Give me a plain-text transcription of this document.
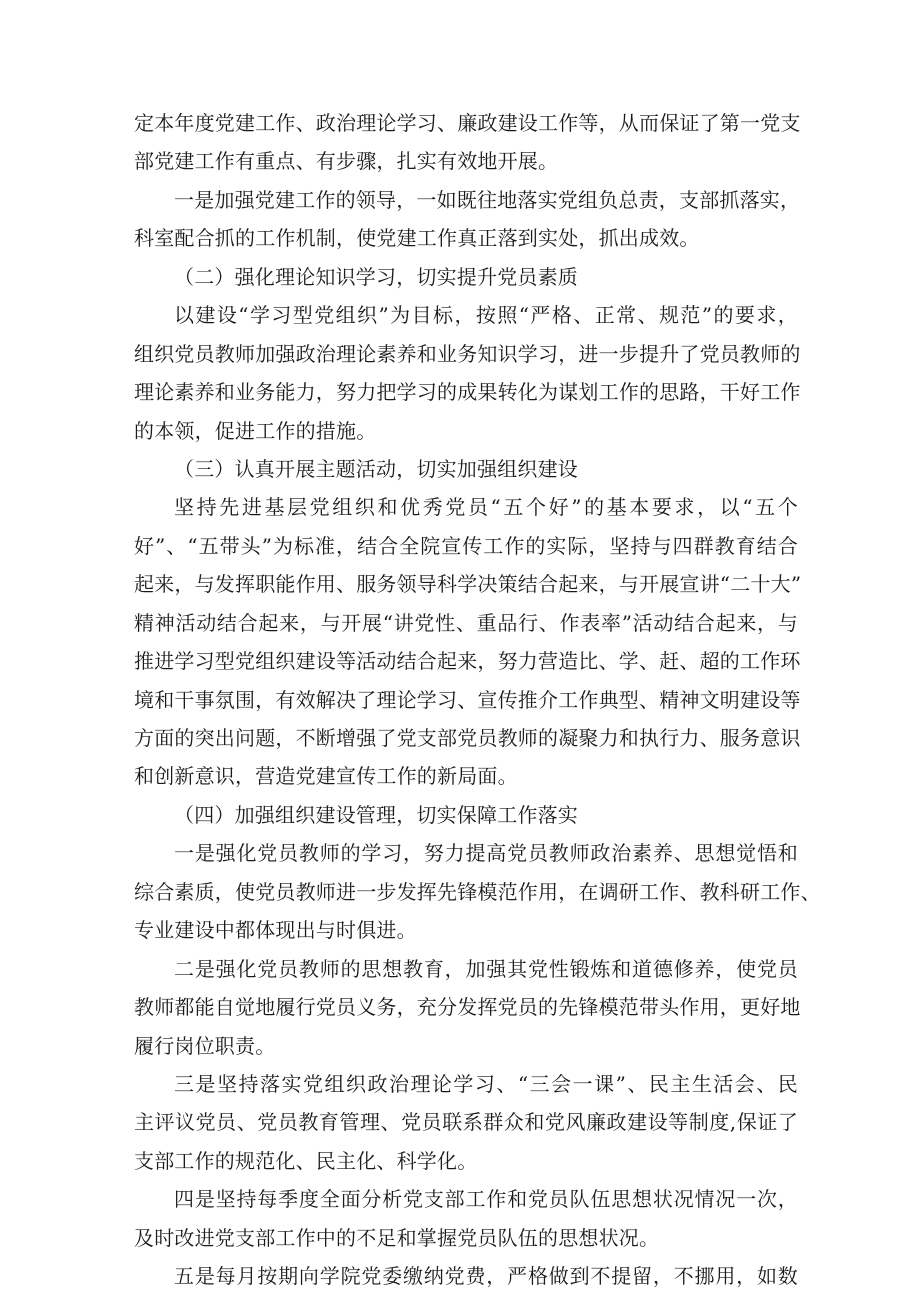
定本年度党建工作、政治理论学习、廉政建设工作等，从而保证了第一党支
部党建工作有重点、有步骤，扎实有效地开展。
一是加强党建工作的领导，一如既往地落实党组负总责，支部抓落实，
科室配合抓的工作机制，使党建工作真正落到实处，抓出成效。
（二）强化理论知识学习，切实提升党员素质
以建设“学习型党组织”为目标，按照“严格、正常、规范”的要求，
组织党员教师加强政治理论素养和业务知识学习，进一步提升了党员教师的
理论素养和业务能力，努力把学习的成果转化为谋划工作的思路，干好工作
的本领，促进工作的措施。
（三）认真开展主题活动，切实加强组织建设
坚持先进基层党组织和优秀党员“五个好”的基本要求，以“五个
好”、“五带头”为标准，结合全院宣传工作的实际，坚持与四群教育结合
起来，与发挥职能作用、服务领导科学决策结合起来，与开展宣讲“二十大”
精神活动结合起来，与开展“讲党性、重品行、作表率”活动结合起来，与
推进学习型党组织建设等活动结合起来，努力营造比、学、赶、超的工作环
境和干事氛围，有效解决了理论学习、宣传推介工作典型、精神文明建设等
方面的突出问题，不断增强了党支部党员教师的凝聚力和执行力、服务意识
和创新意识，营造党建宣传工作的新局面。
（四）加强组织建设管理，切实保障工作落实
一是强化党员教师的学习，努力提高党员教师政治素养、思想觉悟和
综合素质，使党员教师进一步发挥先锋模范作用，在调研工作、教科研工作、
专业建设中都体现出与时俱进。
二是强化党员教师的思想教育，加强其党性锻炼和道德修养，使党员
教师都能自觉地履行党员义务，充分发挥党员的先锋模范带头作用，更好地
履行岗位职责。
三是坚持落实党组织政治理论学习、“三会一课”、民主生活会、民
主评议党员、党员教育管理、党员联系群众和党风廉政建设等制度,保证了
支部工作的规范化、民主化、科学化。
四是坚持每季度全面分析党支部工作和党员队伍思想状况情况一次，
及时改进党支部工作中的不足和掌握党员队伍的思想状况。
五是每月按期向学院党委缴纳党费，严格做到不提留，不挪用，如数
